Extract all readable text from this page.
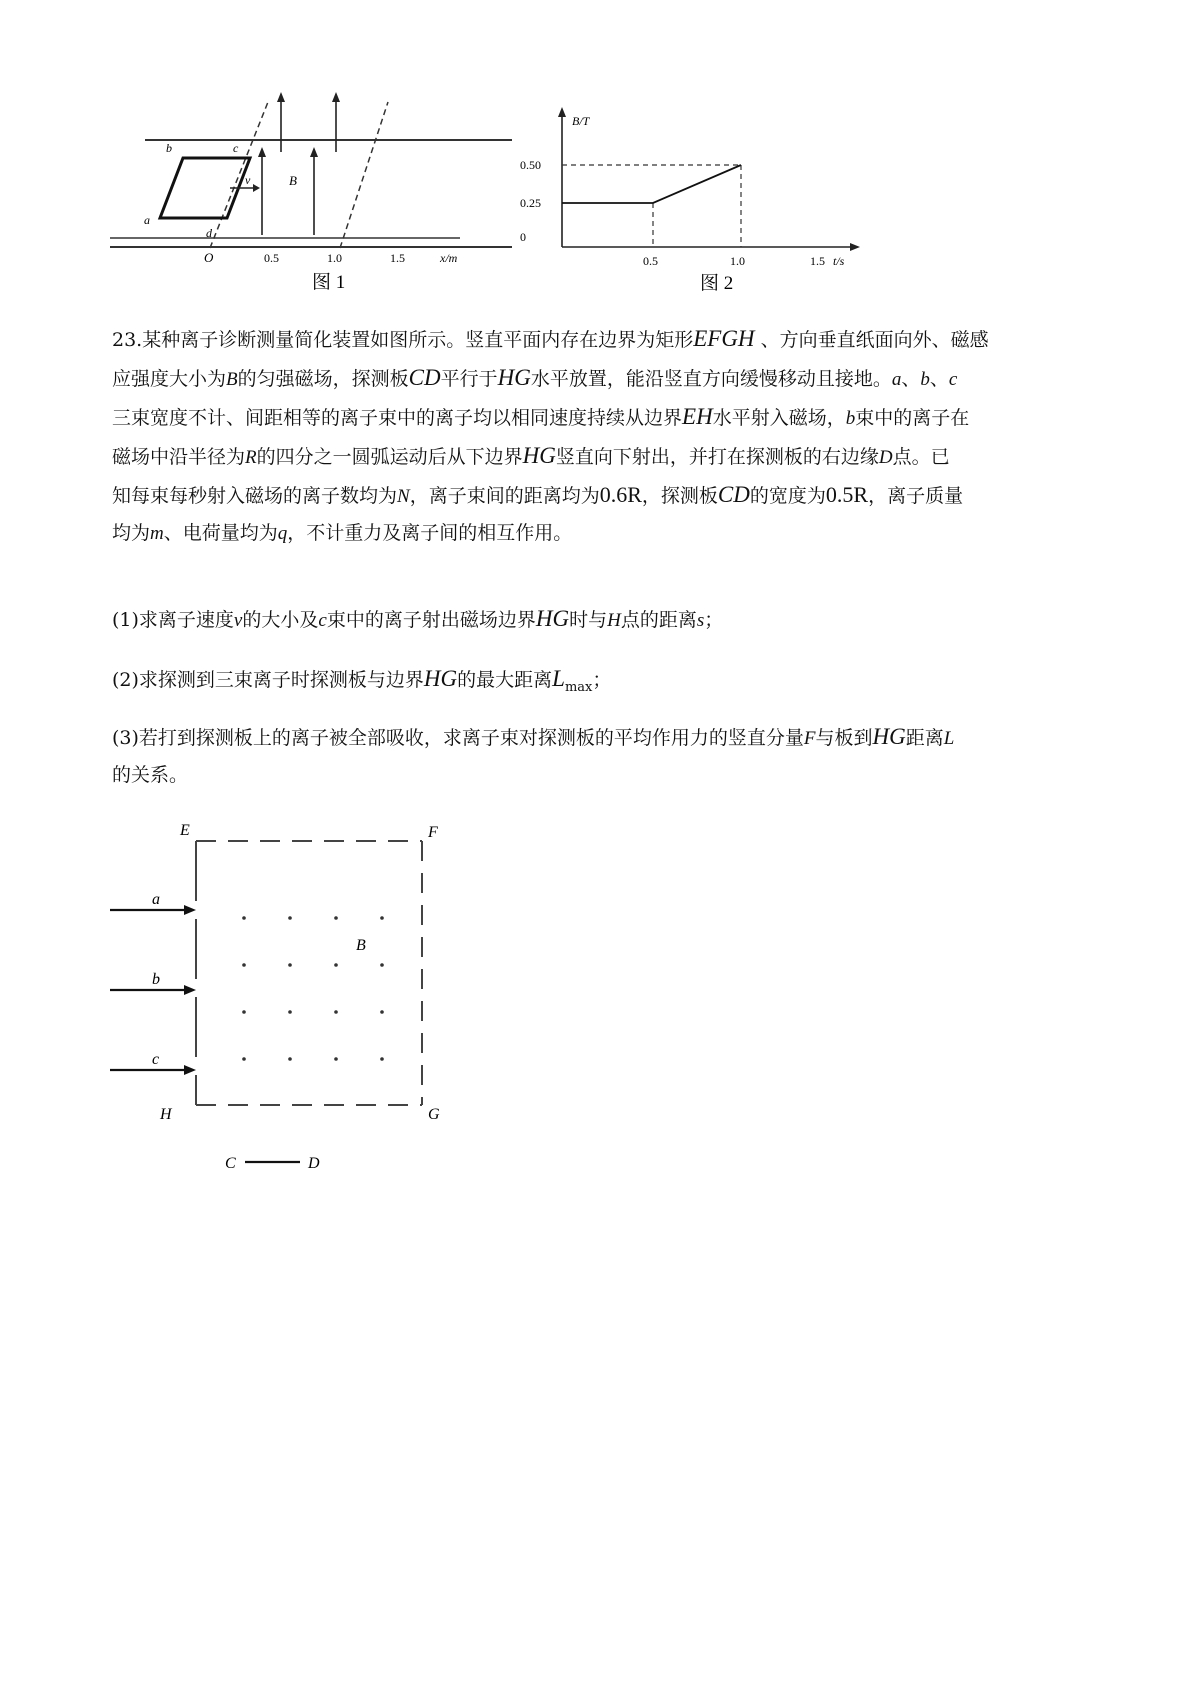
b	c
a
d
v	B
O	0.5	1.0	1.5	x/m
图 1
B/T
0.50
0.25
0
0.5	1.0	1.5 t/s
图 2
23.某种离子诊断测量简化装置如图所示。竖直平面内存在边界为矩形EFGH 、方向垂直纸面向外、磁感
应强度大小为B的匀强磁场，探测板CD平行于HG水平放置，能沿竖直方向缓慢移动且接地。a、b、c
三束宽度不计、间距相等的离子束中的离子均以相同速度持续从边界EH水平射入磁场，b束中的离子在
磁场中沿半径为R的四分之一圆弧运动后从下边界HG竖直向下射出，并打在探测板的右边缘D点。已
知每束每秒射入磁场的离子数均为N，离子束间的距离均为0.6R，探测板CD的宽度为0.5R，离子质量
均为m、电荷量均为q，不计重力及离子间的相互作用。
(1)求离子速度v的大小及c束中的离子射出磁场边界HG时与H点的距离s；
(2)求探测到三束离子时探测板与边界HG的最大距离$L_{max}$；
(3)若打到探测板上的离子被全部吸收，求离子束对探测板的平均作用力的竖直分量F与板到HG距离L
的关系。
E	F
G
H
a
b
c
B
C	D
